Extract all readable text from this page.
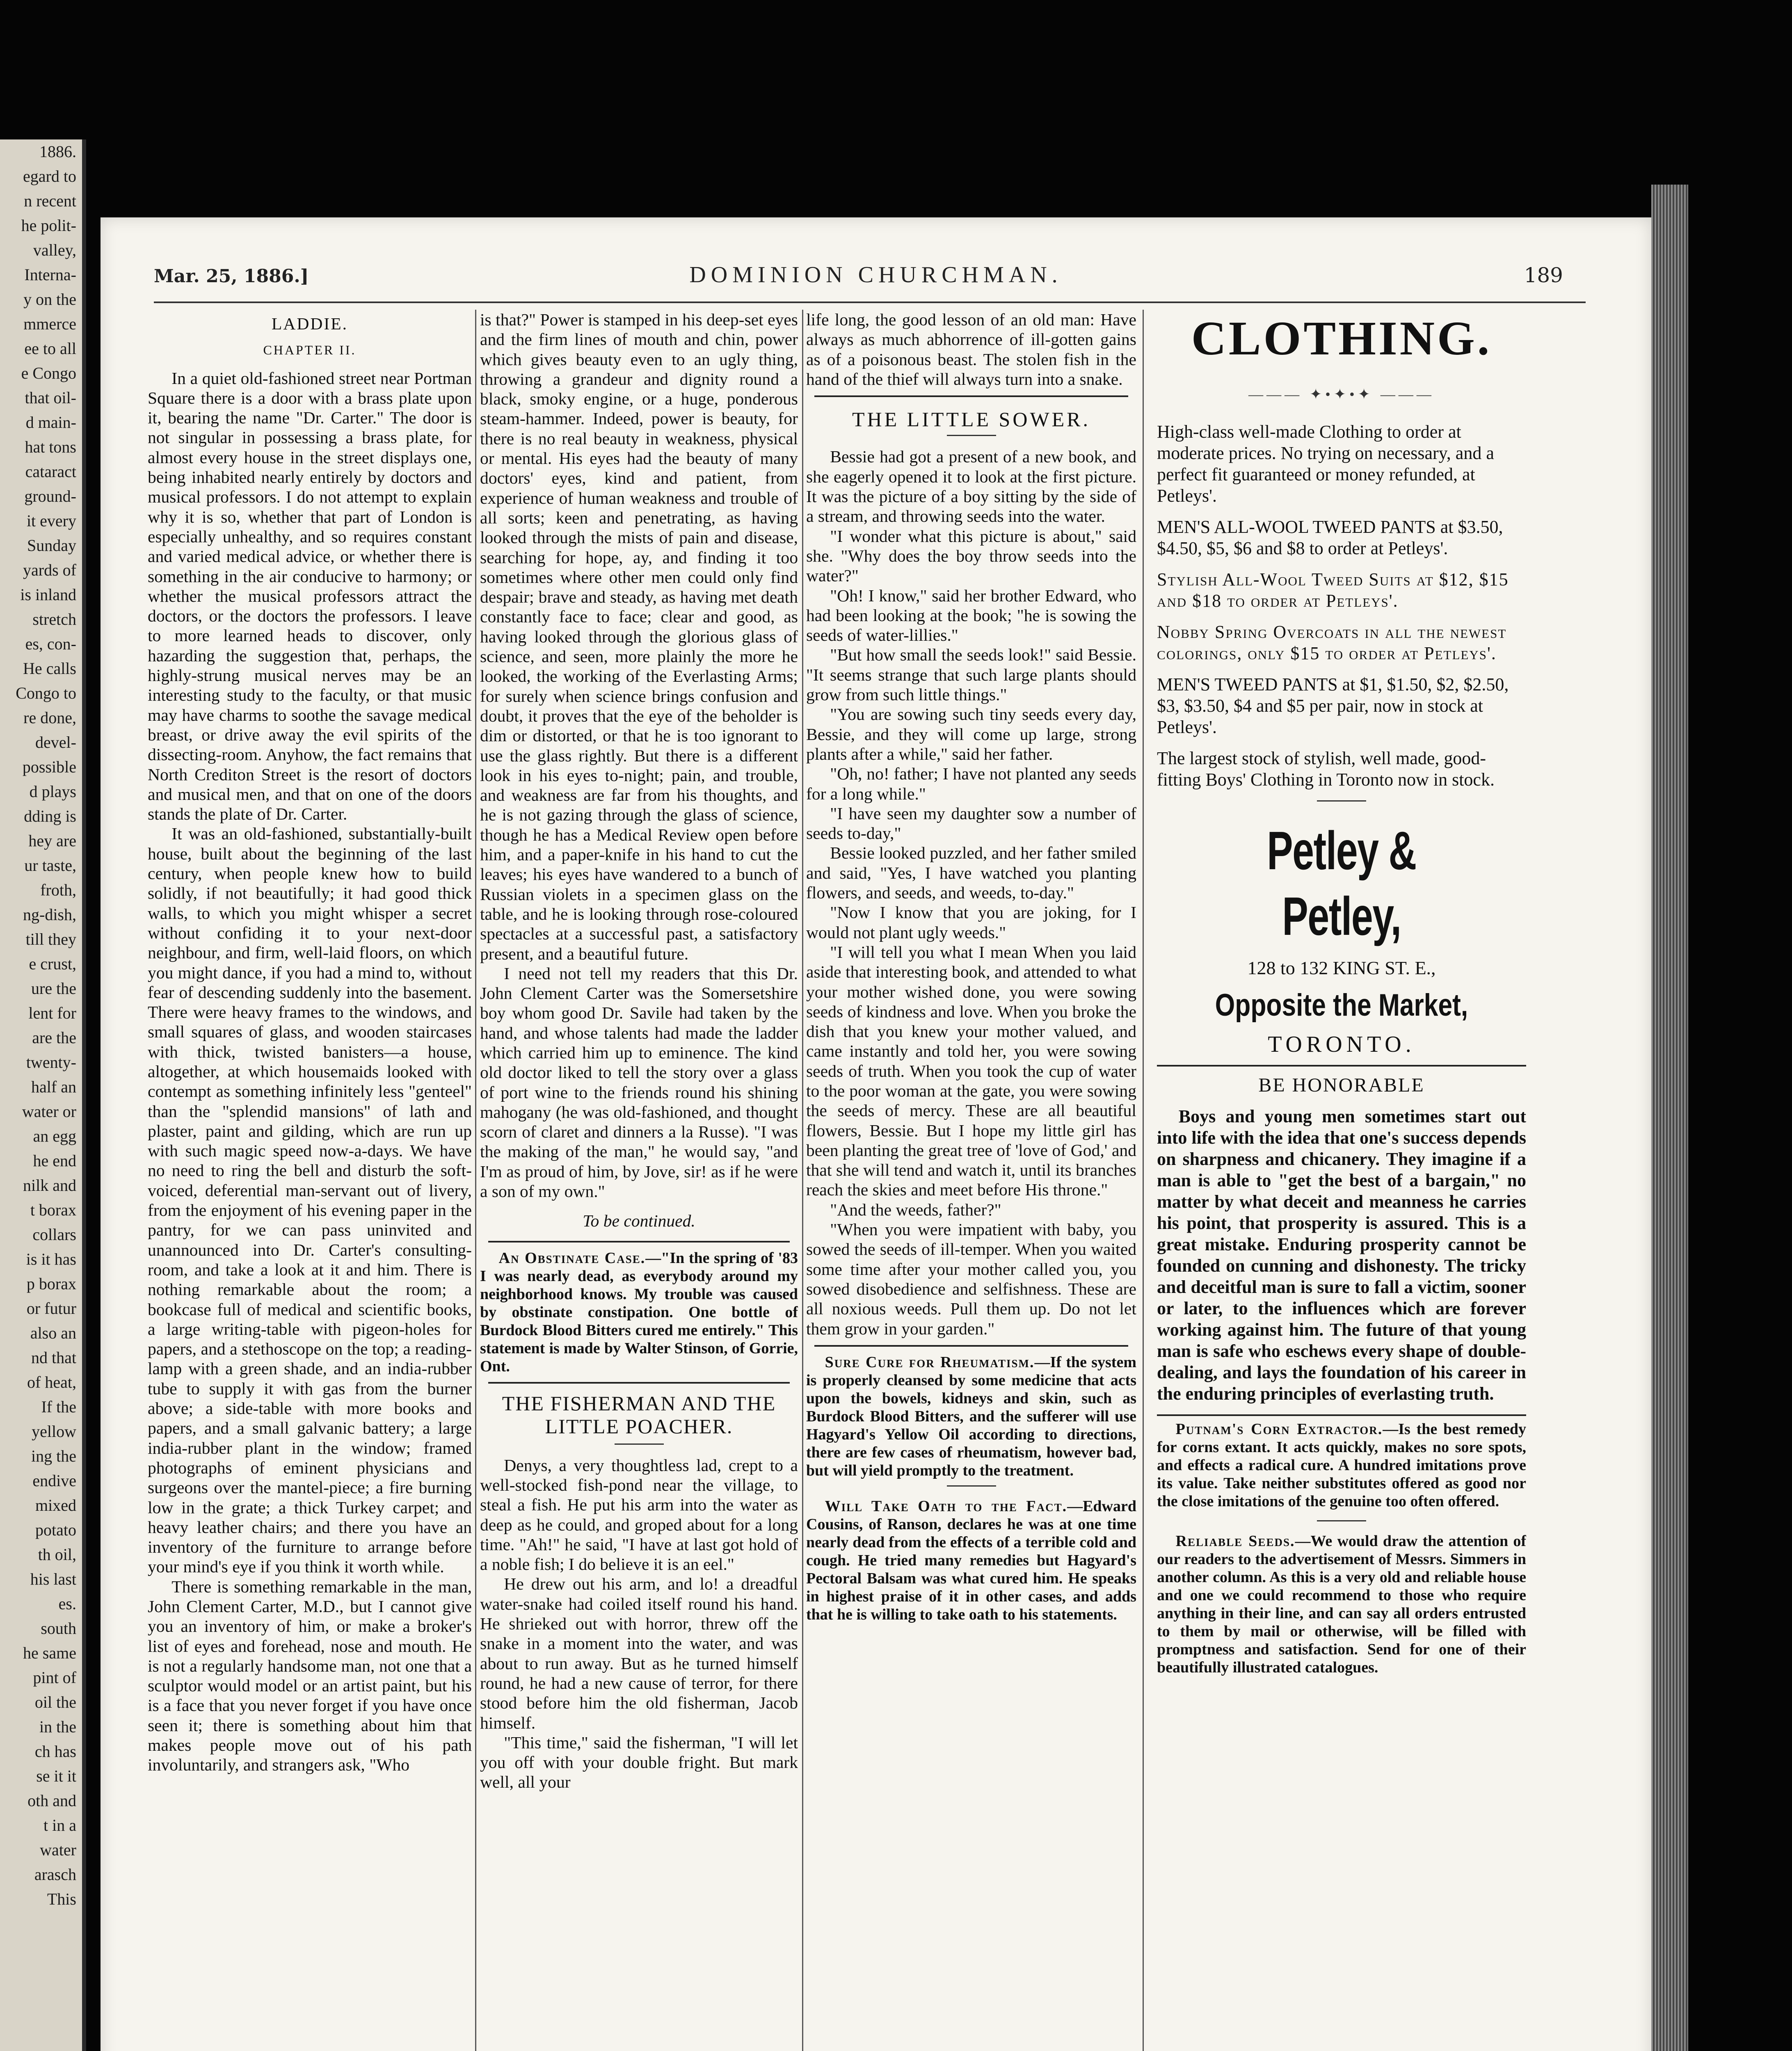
1886.
egard to
n recent
he polit-
valley,
Interna-
y on the
mmerce
ee to all
e Congo
that oil-
d main-
hat tons
cataract
ground-
it every
Sunday
yards of
is inland
stretch
es, con-
He calls
Congo to
re done,
devel-
possible
d plays
dding is
hey are
ur taste,
froth,
ng-dish,
till they
e crust,
ure the
lent for
are the
twenty-
half an
water or
an egg
he end
nilk and
t borax
collars
is it has
p borax
or futur
also an
nd that
of heat,
If the
yellow
ing the
endive
mixed
potato
th oil,
his last
es.
south
he same
pint of
oil the
in the
ch has
se it it
oth and
t in a
water
arasch
This
Mar. 25, 1886.]	DOMINION CHURCHMAN.	189
LADDIE.
CHAPTER II.

In a quiet old-fashioned street near Portman Square there is a door with a brass plate upon it, bearing the name "Dr. Carter." The door is not singular in possessing a brass plate, for almost every house in the street displays one, being inhabited nearly entirely by doctors and musical professors. I do not attempt to explain why it is so, whether that part of London is especially unhealthy, and so requires constant and varied medical advice, or whether there is something in the air conducive to harmony; or whether the musical professors attract the doctors, or the doctors the professors. I leave to more learned heads to discover, only hazarding the suggestion that, perhaps, the highly-strung musical nerves may be an interesting study to the faculty, or that music may have charms to soothe the savage medical breast, or drive away the evil spirits of the dissecting-room. Anyhow, the fact remains that North Crediton Street is the resort of doctors and musical men, and that on one of the doors stands the plate of Dr. Carter.

It was an old-fashioned, substantially-built house, built about the beginning of the last century, when people knew how to build solidly, if not beautifully; it had good thick walls, to which you might whisper a secret without confiding it to your next-door neighbour, and firm, well-laid floors, on which you might dance, if you had a mind to, without fear of descending suddenly into the basement. There were heavy frames to the windows, and small squares of glass, and wooden staircases with thick, twisted banisters—a house, altogether, at which housemaids looked with contempt as something infinitely less "genteel" than the "splendid mansions" of lath and plaster, paint and gilding, which are run up with such magic speed now-a-days. We have no need to ring the bell and disturb the soft-voiced, deferential man-servant out of livery, from the enjoyment of his evening paper in the pantry, for we can pass uninvited and unannounced into Dr. Carter's consulting-room, and take a look at it and him. There is nothing remarkable about the room; a bookcase full of medical and scientific books, a large writing-table with pigeon-holes for papers, and a stethoscope on the top; a reading-lamp with a green shade, and an india-rubber tube to supply it with gas from the burner above; a side-table with more books and papers, and a small galvanic battery; a large india-rubber plant in the window; framed photographs of eminent physicians and surgeons over the mantel-piece; a fire burning low in the grate; a thick Turkey carpet; and heavy leather chairs; and there you have an inventory of the furniture to arrange before your mind's eye if you think it worth while.

There is something remarkable in the man, John Clement Carter, M.D., but I cannot give you an inventory of him, or make a broker's list of eyes and forehead, nose and mouth. He is not a regularly handsome man, not one that a sculptor would model or an artist paint, but his is a face that you never forget if you have once seen it; there is something about him that makes people move out of his path involuntarily, and strangers ask, "Who

is that?" Power is stamped in his deep-set eyes and the firm lines of mouth and chin, power which gives beauty even to an ugly thing, throwing a grandeur and dignity round a black, smoky engine, or a huge, ponderous steam-hammer. Indeed, power is beauty, for there is no real beauty in weakness, physical or mental. His eyes had the beauty of many doctors' eyes, kind and patient, from experience of human weakness and trouble of all sorts; keen and penetrating, as having looked through the mists of pain and disease, searching for hope, ay, and finding it too sometimes where other men could only find despair; brave and steady, as having met death constantly face to face; clear and good, as having looked through the glorious glass of science, and seen, more plainly the more he looked, the working of the Everlasting Arms; for surely when science brings confusion and doubt, it proves that the eye of the beholder is dim or distorted, or that he is too ignorant to use the glass rightly. But there is a different look in his eyes to-night; pain, and trouble, and weakness are far from his thoughts, and he is not gazing through the glass of science, though he has a Medical Review open before him, and a paper-knife in his hand to cut the leaves; his eyes have wandered to a bunch of Russian violets in a specimen glass on the table, and he is looking through rose-coloured spectacles at a successful past, a satisfactory present, and a beautiful future.

I need not tell my readers that this Dr. John Clement Carter was the Somersetshire boy whom good Dr. Savile had taken by the hand, and whose talents had made the ladder which carried him up to eminence. The kind old doctor liked to tell the story over a glass of port wine to the friends round his shining mahogany (he was old-fashioned, and thought scorn of claret and dinners a la Russe). "I was the making of the man," he would say, "and I'm as proud of him, by Jove, sir! as if he were a son of my own."

To be continued.

An Obstinate Case.—"In the spring of '83 I was nearly dead, as everybody around my neighborhood knows. My trouble was caused by obstinate constipation. One bottle of Burdock Blood Bitters cured me entirely." This statement is made by Walter Stinson, of Gorrie, Ont.

THE FISHERMAN AND THE LITTLE POACHER.

Denys, a very thoughtless lad, crept to a well-stocked fish-pond near the village, to steal a fish. He put his arm into the water as deep as he could, and groped about for a long time. "Ah!" he said, "I have at last got hold of a noble fish; I do believe it is an eel."

He drew out his arm, and lo! a dreadful water-snake had coiled itself round his hand. He shrieked out with horror, threw off the snake in a moment into the water, and was about to run away. But as he turned himself round, he had a new cause of terror, for there stood before him the old fisherman, Jacob himself.

"This time," said the fisherman, "I will let you off with your double fright. But mark well, all your

life long, the good lesson of an old man: Have always as much abhorrence of ill-gotten gains as of a poisonous beast. The stolen fish in the hand of the thief will always turn into a snake.

THE LITTLE SOWER.

Bessie had got a present of a new book, and she eagerly opened it to look at the first picture. It was the picture of a boy sitting by the side of a stream, and throwing seeds into the water.

"I wonder what this picture is about," said she. "Why does the boy throw seeds into the water?"

"Oh! I know," said her brother Edward, who had been looking at the book; "he is sowing the seeds of water-lillies."

"But how small the seeds look!" said Bessie. "It seems strange that such large plants should grow from such little things."

"You are sowing such tiny seeds every day, Bessie, and they will come up large, strong plants after a while," said her father.

"Oh, no! father; I have not planted any seeds for a long while."

"I have seen my daughter sow a number of seeds to-day,"

Bessie looked puzzled, and her father smiled and said, "Yes, I have watched you planting flowers, and seeds, and weeds, to-day."

"Now I know that you are joking, for I would not plant ugly weeds."

"I will tell you what I mean When you laid aside that interesting book, and attended to what your mother wished done, you were sowing seeds of kindness and love. When you broke the dish that you knew your mother valued, and came instantly and told her, you were sowing seeds of truth. When you took the cup of water to the poor woman at the gate, you were sowing the seeds of mercy. These are all beautiful flowers, Bessie. But I hope my little girl has been planting the great tree of 'love of God,' and that she will tend and watch it, until its branches reach the skies and meet before His throne."

"And the weeds, father?"

"When you were impatient with baby, you sowed the seeds of ill-temper. When you waited some time after your mother called you, you sowed disobedience and selfishness. These are all noxious weeds. Pull them up. Do not let them grow in your garden."

Sure Cure for Rheumatism.—If the system is properly cleansed by some medicine that acts upon the bowels, kidneys and skin, such as Burdock Blood Bitters, and the sufferer will use Hagyard's Yellow Oil according to directions, there are few cases of rheumatism, however bad, but will yield promptly to the treatment.

Will Take Oath to the Fact.—Edward Cousins, of Ranson, declares he was at one time nearly dead from the effects of a terrible cold and cough. He tried many remedies but Hagyard's Pectoral Balsam was what cured him. He speaks in highest praise of it in other cases, and adds that he is willing to take oath to his statements.

CLOTHING.
——— ✦•✦•✦ ———

High-class well-made Clothing to order at moderate prices. No trying on necessary, and a perfect fit guaranteed or money refunded, at Petleys'.

MEN'S ALL-WOOL TWEED PANTS at $3.50, $4.50, $5, $6 and $8 to order at Petleys'.

Stylish All-Wool Tweed Suits at $12, $15 and $18 to order at Petleys'.

Nobby Spring Overcoats in all the newest colorings, only $15 to order at Petleys'.

MEN'S TWEED PANTS at $1, $1.50, $2, $2.50, $3, $3.50, $4 and $5 per pair, now in stock at Petleys'.

The largest stock of stylish, well made, good-fitting Boys' Clothing in Toronto now in stock.

Petley & Petley,
128 to 132 KING ST. E.,
Opposite the Market,
TORONTO.
BE HONORABLE

Boys and young men sometimes start out into life with the idea that one's success depends on sharpness and chicanery. They imagine if a man is able to "get the best of a bargain," no matter by what deceit and meanness he carries his point, that prosperity is assured. This is a great mistake. Enduring prosperity cannot be founded on cunning and dishonesty. The tricky and deceitful man is sure to fall a victim, sooner or later, to the influences which are forever working against him. The future of that young man is safe who eschews every shape of double-dealing, and lays the foundation of his career in the enduring principles of everlasting truth.

Putnam's Corn Extractor.—Is the best remedy for corns extant. It acts quickly, makes no sore spots, and effects a radical cure. A hundred imitations prove its value. Take neither substitutes offered as good nor the close imitations of the genuine too often offered.

Reliable Seeds.—We would draw the attention of our readers to the advertisement of Messrs. Simmers in another column. As this is a very old and reliable house and one we could recommend to those who require anything in their line, and can say all orders entrusted to them by mail or otherwise, will be filled with promptness and satisfaction. Send for one of their beautifully illustrated catalogues.
